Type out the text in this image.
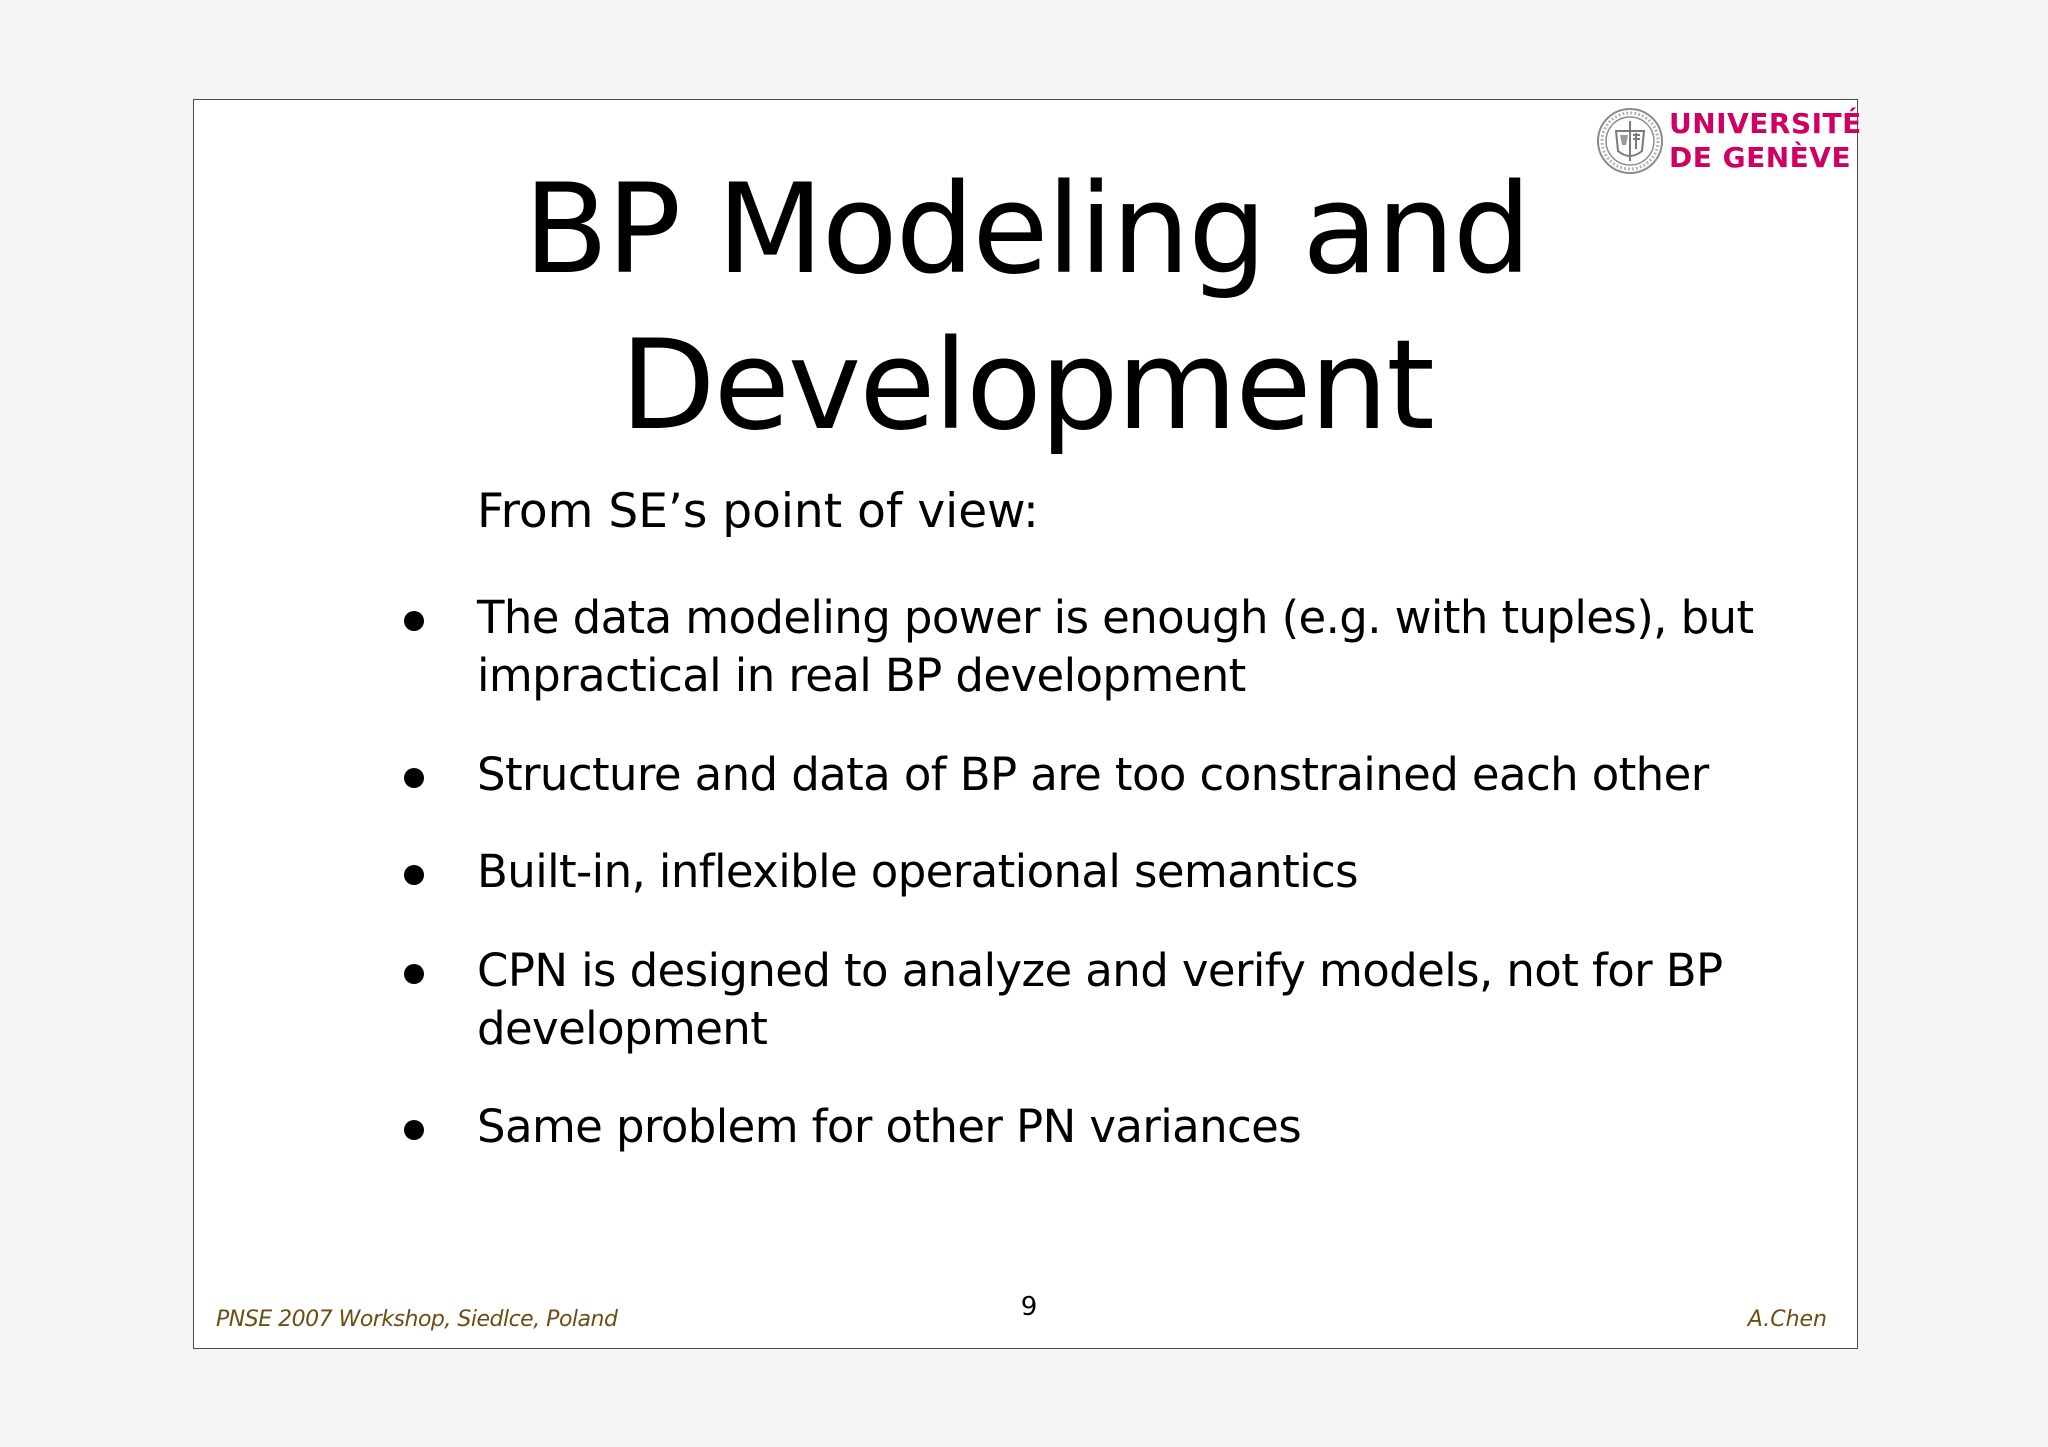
UNIVERSITÉ
DE GENÈVE
BP Modeling and
Development
From SE’s point of view:
The data modeling power is enough (e.g. with tuples), but impractical in real BP development
Structure and data of BP are too constrained each other
Built-in, inflexible operational semantics
CPN is designed to analyze and verify models, not for BP development
Same problem for other PN variances
PNSE 2007 Workshop, Siedlce, Poland	9	A.Chen
